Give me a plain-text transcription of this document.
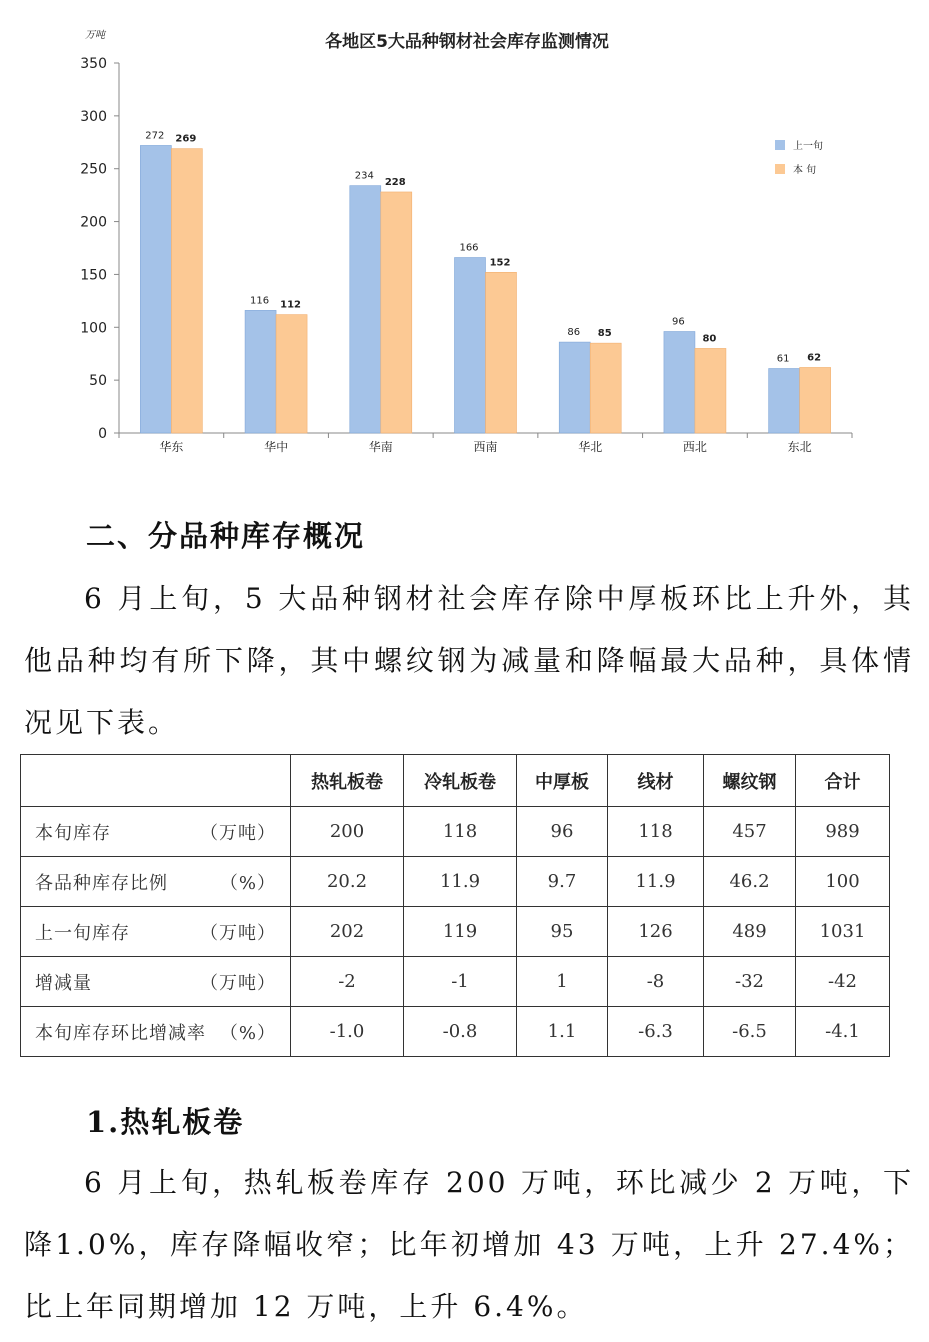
各地区5大品种钢材社会库存监测情况
万吨
0
50
100
150
200
250
300
350
华东	华中	华南	西南	华北	西北	东北
272
116
234
166
86
96
61
269
112
228
152
85	80
62
上一旬
本 旬
二、分品种库存概况

6 月上旬，5 大品种钢材社会库存除中厚板环比上升外，其他品种均有所下降，其中螺纹钢为减量和降幅最大品种，具体情况见下表。

	热轧板卷	冷轧板卷	中厚板	线材	螺纹钢	合计

本旬库存 （万吨）	200	118	96	118	457	989

各品种库存比例 （%）	20.2	11.9	9.7	11.9	46.2	100

上一旬库存 （万吨）	202	119	95	126	489	1031

增减量 （万吨）	-2	-1	1	-8	-32	-42

本旬库存环比增减率 （%）	-1.0	-0.8	1.1	-6.3	-6.5	-4.1
1.热轧板卷

6 月上旬，热轧板卷库存 200 万吨，环比减少 2 万吨，下降1.0%，库存降幅收窄；比年初增加 43 万吨，上升 27.4%；比上年同期增加 12 万吨，上升 6.4%。
